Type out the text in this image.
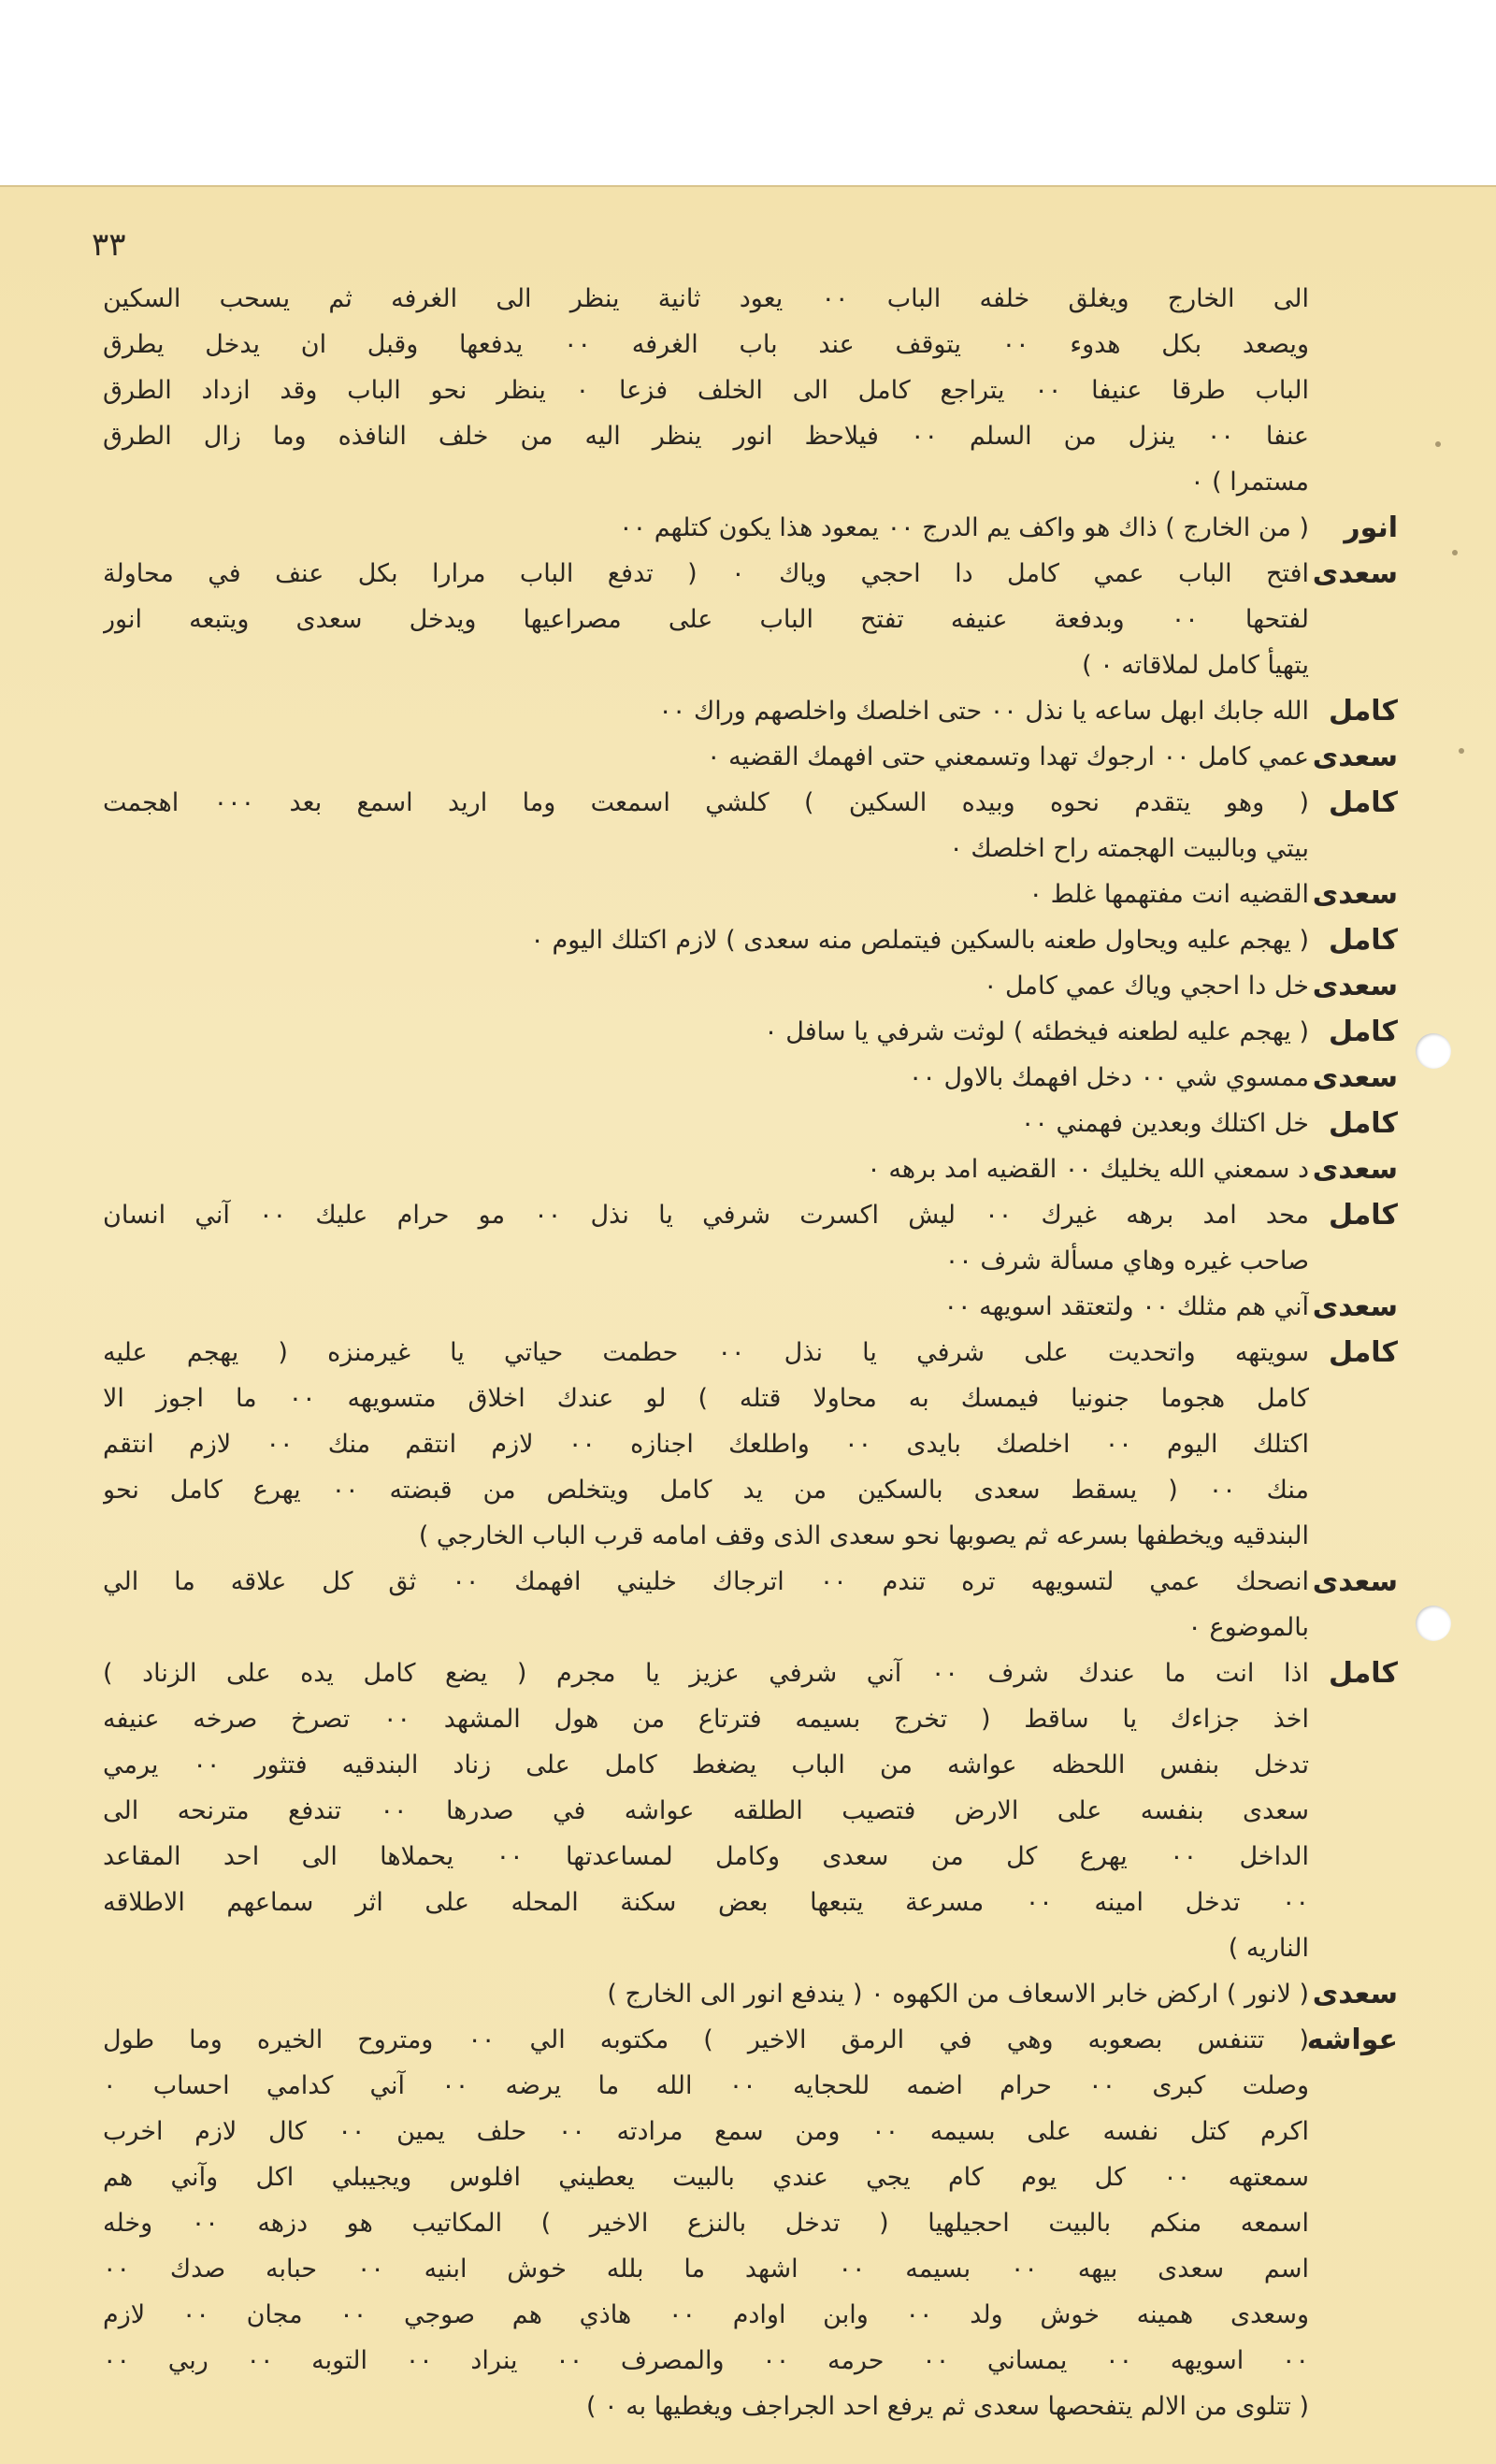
٣٣
الى الخارج ويغلق خلفه الباب ٠٠ يعود ثانية ينظر الى الغرفه ثم يسحب السكين
ويصعد بكل هدوء ٠٠ يتوقف عند باب الغرفه ٠٠ يدفعها وقبل ان يدخل يطرق
الباب طرقا عنيفا ٠٠ يتراجع كامل الى الخلف فزعا ٠ ينظر نحو الباب وقد ازداد الطرق
عنفا ٠٠ ينزل من السلم ٠٠ فيلاحظ انور ينظر اليه من خلف النافذه وما زال الطرق
مستمرا ) ٠
انور
( من الخارج ) ذاك هو واكف يم الدرج ٠٠ يمعود هذا يكون كتلهم ٠٠
سعدى
افتح الباب عمي كامل دا احجي وياك ٠ ( تدفع الباب مرارا بكل عنف في محاولة
لفتحها ٠٠ وبدفعة عنيفه تفتح الباب على مصراعيها ويدخل سعدى ويتبعه انور
يتهيأ كامل لملاقاته ٠ )
كامل
الله جابك ابهل ساعه يا نذل ٠٠ حتى اخلصك واخلصهم وراك ٠٠
سعدى
عمي كامل ٠٠ ارجوك تهدا وتسمعني حتى افهمك القضيه ٠
كامل
( وهو يتقدم نحوه وبيده السكين ) كلشي اسمعت وما اريد اسمع بعد ٠٠٠ اهجمت
بيتي وبالبيت الهجمته راح اخلصك ٠
سعدى
القضيه انت مفتهمها غلط ٠
كامل
( يهجم عليه ويحاول طعنه بالسكين فيتملص منه سعدى ) لازم اكتلك اليوم ٠
سعدى
خل دا احجي وياك عمي كامل ٠
كامل
( يهجم عليه لطعنه فيخطئه ) لوثت شرفي يا سافل ٠
سعدى
ممسوي شي ٠٠ دخل افهمك بالاول ٠٠
كامل
خل اكتلك وبعدين فهمني ٠٠
سعدى
د سمعني الله يخليك ٠٠ القضيه امد برهه ٠
كامل
محد امد برهه غيرك ٠٠ ليش اكسرت شرفي يا نذل ٠٠ مو حرام عليك ٠٠ آني انسان
صاحب غيره وهاي مسألة شرف ٠٠
سعدى
آني هم مثلك ٠٠ ولتعتقد اسويهه ٠٠
كامل
سويتهه واتحديت على شرفي يا نذل ٠٠ حطمت حياتي يا غيرمنزه ( يهجم عليه
كامل هجوما جنونيا فيمسك به محاولا قتله ) لو عندك اخلاق متسويهه ٠٠ ما اجوز الا
اكتلك اليوم ٠٠ اخلصك بايدى ٠٠ واطلعك اجنازه ٠٠ لازم انتقم منك ٠٠ لازم انتقم
منك ٠٠ ( يسقط سعدى بالسكين من يد كامل ويتخلص من قبضته ٠٠ يهرع كامل نحو
البندقيه ويخطفها بسرعه ثم يصوبها نحو سعدى الذى وقف امامه قرب الباب الخارجي )
سعدى
انصحك عمي لتسويهه تره تندم ٠٠ اترجاك خليني افهمك ٠٠ ثق كل علاقه ما الي
بالموضوع ٠
كامل
اذا انت ما عندك شرف ٠٠ آني شرفي عزيز يا مجرم ( يضع كامل يده على الزناد )
اخذ جزاءك يا ساقط ( تخرج بسيمه فترتاع من هول المشهد ٠٠ تصرخ صرخه عنيفه
تدخل بنفس اللحظه عواشه من الباب يضغط كامل على زناد البندقيه فتثور ٠٠ يرمي
سعدى بنفسه على الارض فتصيب الطلقه عواشه في صدرها ٠٠ تندفع مترنحه الى
الداخل ٠٠ يهرع كل من سعدى وكامل لمساعدتها ٠٠ يحملاها الى احد المقاعد
٠٠ تدخل امينه ٠٠ مسرعة يتبعها بعض سكنة المحله على اثر سماعهم الاطلاقه
الناريه )
سعدى
( لانور ) اركض خابر الاسعاف من الكهوه ٠ ( يندفع انور الى الخارج )
عواشه
( تتنفس بصعوبه وهي في الرمق الاخير ) مكتوبه الي ٠٠ ومتروح الخيره وما طول
وصلت كبرى ٠٠ حرام اضمه للحجايه ٠٠ الله ما يرضه ٠٠ آني كدامي احساب ٠
اكرم كتل نفسه على بسيمه ٠٠ ومن سمع مرادته ٠٠ حلف يمين ٠٠ كال لازم اخرب
سمعتهه ٠٠ كل يوم كام يجي عندي بالبيت يعطيني افلوس ويجيبلي اكل وآني هم
اسمعه منكم بالبيت احجيلهيا ( تدخل بالنزع الاخير ) المكاتيب هو دزهه ٠٠ وخله
اسم سعدى بيهه ٠٠ بسيمه ٠٠ اشهد ما بلله خوش ابنيه ٠٠ حبابه صدك ٠٠
وسعدى همينه خوش ولد ٠٠ وابن اوادم ٠٠ هاذي هم صوجي ٠٠ مجان ٠٠ لازم
٠٠ اسويهه ٠٠ يمساني ٠٠ حرمه ٠٠ والمصرف ٠٠ ينراد ٠٠ التوبه ٠٠ ربي ٠٠
( تتلوى من الالم يتفحصها سعدى ثم يرفع احد الجراجف ويغطيها به ٠ )
